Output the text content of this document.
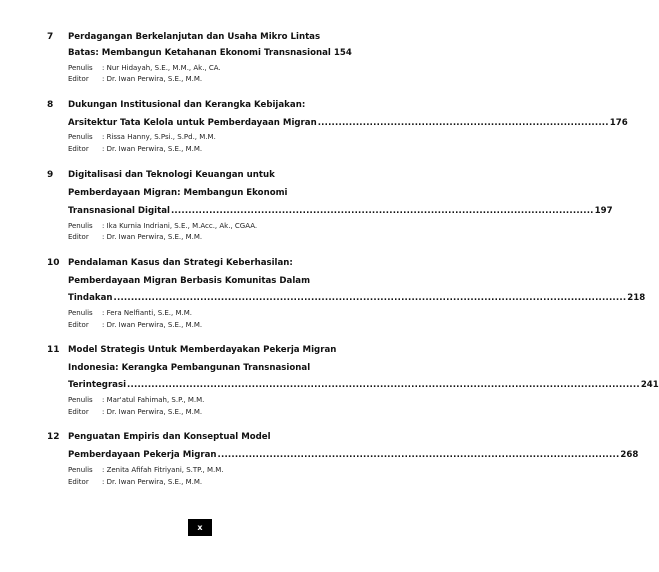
7 Perdagangan Berkelanjutan dan Usaha Mikro Lintas
Batas: Membangun Ketahanan Ekonomi Transnasional 154
Penulis : Nur Hidayah, S.E., M.M., Ak., CA.
Editor : Dr. Iwan Perwira, S.E., M.M.
8 Dukungan Institusional dan Kerangka Kebijakan:
Arsitektur Tata Kelola untuk Pemberdayaan Migran .................................................................................... 176
Penulis : Rissa Hanny, S.Psi., S.Pd., M.M.
Editor : Dr. Iwan Perwira, S.E., M.M.
9 Digitalisasi dan Teknologi Keuangan untuk
Pemberdayaan Migran: Membangun Ekonomi
Transnasional Digital .......................................................................................................................... 197
Penulis : Ika Kurnia Indriani, S.E., M.Acc., Ak., CGAA.
Editor : Dr. Iwan Perwira, S.E., M.M.
10 Pendalaman Kasus dan Strategi Keberhasilan:
Pemberdayaan Migran Berbasis Komunitas Dalam
Tindakan .................................................................................................................................................... 218
Penulis : Fera Nelfianti, S.E., M.M.
Editor : Dr. Iwan Perwira, S.E., M.M.
11 Model Strategis Untuk Memberdayakan Pekerja Migran
Indonesia: Kerangka Pembangunan Transnasional
Terintegrasi .................................................................................................................................................... 241
Penulis : Mar'atul Fahimah, S.P., M.M.
Editor : Dr. Iwan Perwira, S.E., M.M.
12 Penguatan Empiris dan Konseptual Model
Pemberdayaan Pekerja Migran .................................................................................................................... 268
Penulis : Zenita Afifah Fitriyani, S.TP., M.M.
Editor : Dr. Iwan Perwira, S.E., M.M.
x
